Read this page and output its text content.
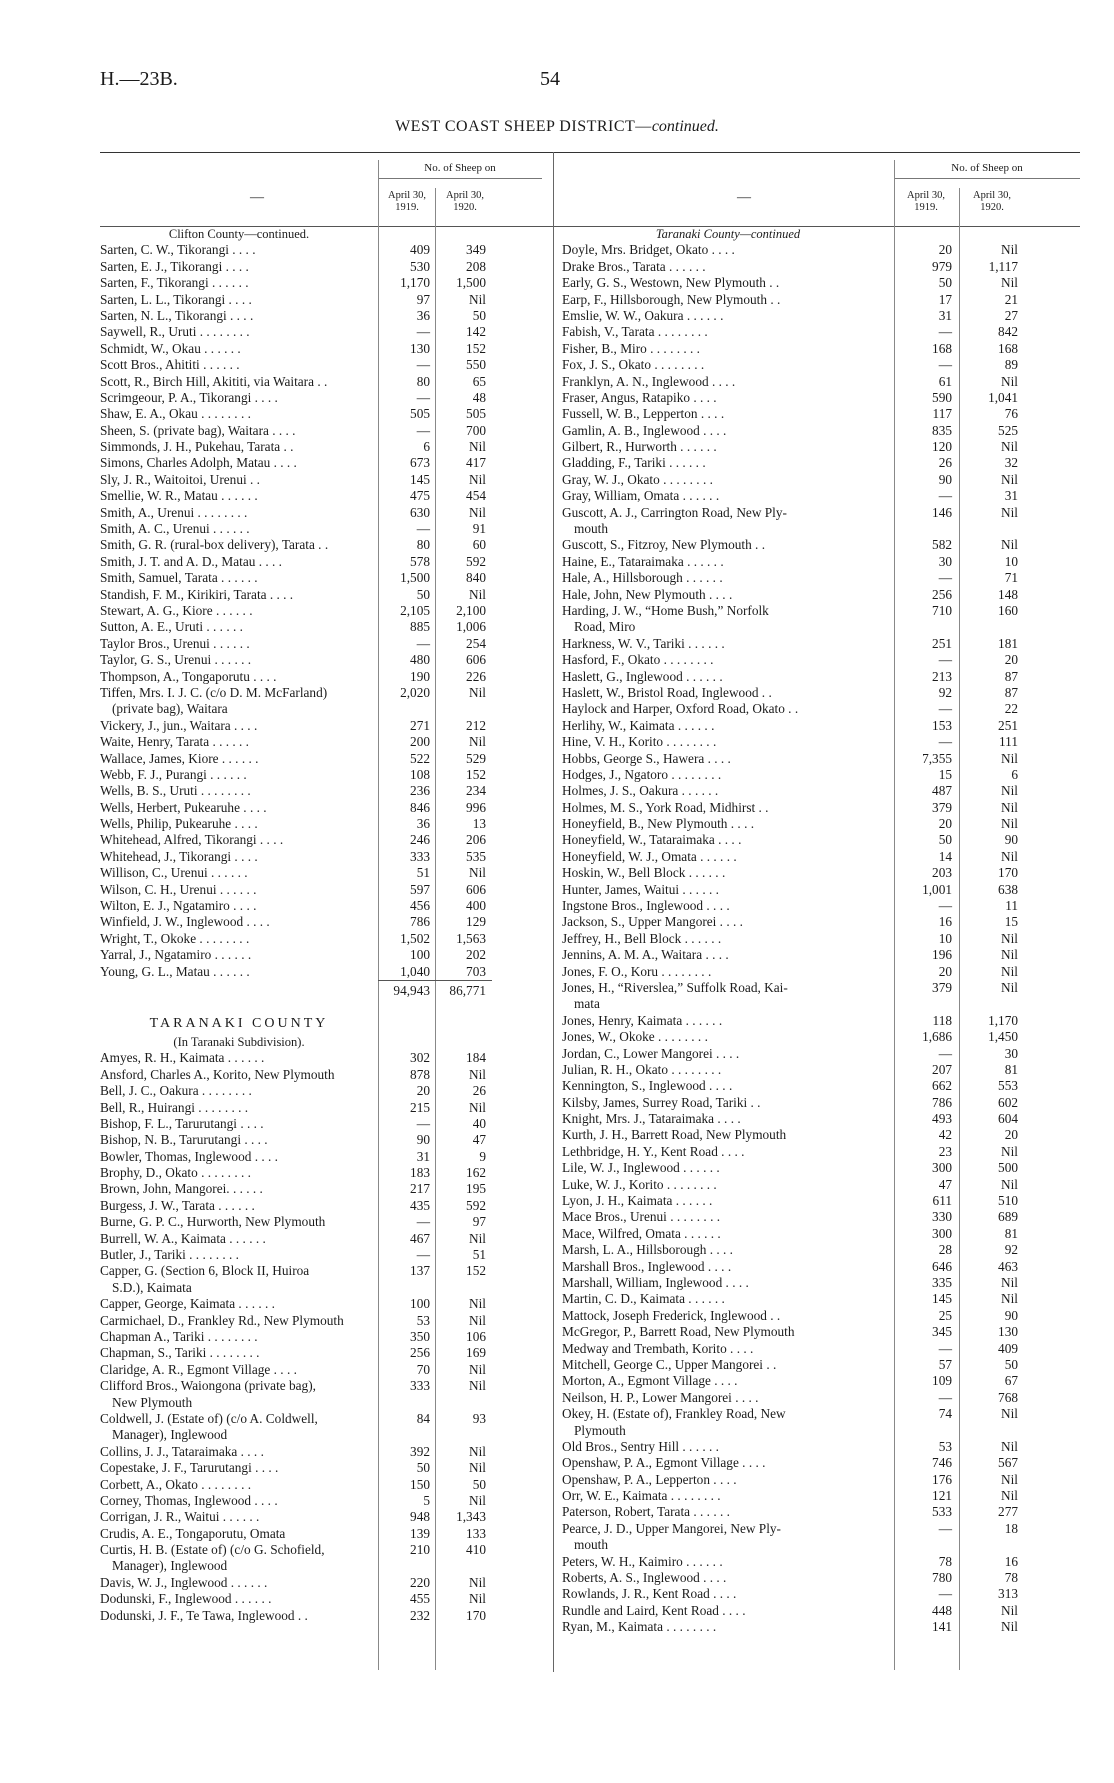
H.—23B.	54
WEST COAST SHEEP DISTRICT—continued.
—
No. of Sheep on
April 30, 1919.
April 30, 1920.
Clifton County—continued.
Sarten, C. W., Tikorangi . . . .	409	349
Sarten, E. J., Tikorangi . . . .	530	208
Sarten, F., Tikorangi . . . . . .	1,170	1,500
Sarten, L. L., Tikorangi . . . .	97	Nil
Sarten, N. L., Tikorangi . . . .	36	50
Saywell, R., Uruti . . . . . . . .	—	142
Schmidt, W., Okau . . . . . .	130	152
Scott Bros., Ahititi . . . . . .	—	550
Scott, R., Birch Hill, Akititi, via Waitara . .	80	65
Scrimgeour, P. A., Tikorangi . . . .	—	48
Shaw, E. A., Okau . . . . . . . .	505	505
Sheen, S. (private bag), Waitara . . . .	—	700
Simmonds, J. H., Pukehau, Tarata . .	6	Nil
Simons, Charles Adolph, Matau . . . .	673	417
Sly, J. R., Waitoitoi, Urenui . .	145	Nil
Smellie, W. R., Matau . . . . . .	475	454
Smith, A., Urenui . . . . . . . .	630	Nil
Smith, A. C., Urenui . . . . . .	—	91
Smith, G. R. (rural-box delivery), Tarata . .	80	60
Smith, J. T. and A. D., Matau . . . .	578	592
Smith, Samuel, Tarata . . . . . .	1,500	840
Standish, F. M., Kirikiri, Tarata . . . .	50	Nil
Stewart, A. G., Kiore . . . . . .	2,105	2,100
Sutton, A. E., Uruti . . . . . .	885	1,006
Taylor Bros., Urenui . . . . . .	—	254
Taylor, G. S., Urenui . . . . . .	480	606
Thompson, A., Tongaporutu . . . .	190	226
Tiffen, Mrs. I. J. C. (c/o D. M. McFarland)	2,020	Nil
(private bag), Waitara
Vickery, J., jun., Waitara . . . .	271	212
Waite, Henry, Tarata . . . . . .	200	Nil
Wallace, James, Kiore . . . . . .	522	529
Webb, F. J., Purangi . . . . . .	108	152
Wells, B. S., Uruti . . . . . . . .	236	234
Wells, Herbert, Pukearuhe . . . .	846	996
Wells, Philip, Pukearuhe . . . .	36	13
Whitehead, Alfred, Tikorangi . . . .	246	206
Whitehead, J., Tikorangi . . . .	333	535
Willison, C., Urenui . . . . . .	51	Nil
Wilson, C. H., Urenui . . . . . .	597	606
Wilton, E. J., Ngatamiro . . . .	456	400
Winfield, J. W., Inglewood . . . .	786	129
Wright, T., Okoke . . . . . . . .	1,502	1,563
Yarral, J., Ngatamiro . . . . . .	100	202
Young, G. L., Matau . . . . . .	1,040	703
94,943	86,771
TARANAKI COUNTY
(In Taranaki Subdivision).
Amyes, R. H., Kaimata . . . . . .	302	184
Ansford, Charles A., Korito, New Plymouth	878	Nil
Bell, J. C., Oakura . . . . . . . .	20	26
Bell, R., Huirangi . . . . . . . .	215	Nil
Bishop, F. L., Tarurutangi . . . .	—	40
Bishop, N. B., Tarurutangi . . . .	90	47
Bowler, Thomas, Inglewood . . . .	31	9
Brophy, D., Okato . . . . . . . .	183	162
Brown, John, Mangorei. . . . . .	217	195
Burgess, J. W., Tarata . . . . . .	435	592
Burne, G. P. C., Hurworth, New Plymouth	—	97
Burrell, W. A., Kaimata . . . . . .	467	Nil
Butler, J., Tariki . . . . . . . .	—	51
Capper, G. (Section 6, Block II, Huiroa	137	152
S.D.), Kaimata
Capper, George, Kaimata . . . . . .	100	Nil
Carmichael, D., Frankley Rd., New Plymouth	53	Nil
Chapman A., Tariki . . . . . . . .	350	106
Chapman, S., Tariki . . . . . . . .	256	169
Claridge, A. R., Egmont Village . . . .	70	Nil
Clifford Bros., Waiongona (private bag),	333	Nil
New Plymouth
Coldwell, J. (Estate of) (c/o A. Coldwell,	84	93
Manager), Inglewood
Collins, J. J., Tataraimaka . . . .	392	Nil
Copestake, J. F., Tarurutangi . . . .	50	Nil
Corbett, A., Okato . . . . . . . .	150	50
Corney, Thomas, Inglewood . . . .	5	Nil
Corrigan, J. R., Waitui . . . . . .	948	1,343
Crudis, A. E., Tongaporutu, Omata	139	133
Curtis, H. B. (Estate of) (c/o G. Schofield,	210	410
Manager), Inglewood
Davis, W. J., Inglewood . . . . . .	220	Nil
Dodunski, F., Inglewood . . . . . .	455	Nil
Dodunski, J. F., Te Tawa, Inglewood . .	232	170
—
No. of Sheep on
April 30, 1919.
April 30, 1920.
Taranaki County—continued
Doyle, Mrs. Bridget, Okato . . . .	20	Nil
Drake Bros., Tarata . . . . . .	979	1,117
Early, G. S., Westown, New Plymouth . .	50	Nil
Earp, F., Hillsborough, New Plymouth . .	17	21
Emslie, W. W., Oakura . . . . . .	31	27
Fabish, V., Tarata . . . . . . . .	—	842
Fisher, B., Miro . . . . . . . .	168	168
Fox, J. S., Okato . . . . . . . .	—	89
Franklyn, A. N., Inglewood . . . .	61	Nil
Fraser, Angus, Ratapiko . . . .	590	1,041
Fussell, W. B., Lepperton . . . .	117	76
Gamlin, A. B., Inglewood . . . .	835	525
Gilbert, R., Hurworth . . . . . .	120	Nil
Gladding, F., Tariki . . . . . .	26	32
Gray, W. J., Okato . . . . . . . .	90	Nil
Gray, William, Omata . . . . . .	—	31
Guscott, A. J., Carrington Road, New Ply-	146	Nil
mouth
Guscott, S., Fitzroy, New Plymouth . .	582	Nil
Haine, E., Tataraimaka . . . . . .	30	10
Hale, A., Hillsborough . . . . . .	—	71
Hale, John, New Plymouth . . . .	256	148
Harding, J. W., “Home Bush,” Norfolk	710	160
Road, Miro
Harkness, W. V., Tariki . . . . . .	251	181
Hasford, F., Okato . . . . . . . .	—	20
Haslett, G., Inglewood . . . . . .	213	87
Haslett, W., Bristol Road, Inglewood . .	92	87
Haylock and Harper, Oxford Road, Okato . .	—	22
Herlihy, W., Kaimata . . . . . .	153	251
Hine, V. H., Korito . . . . . . . .	—	111
Hobbs, George S., Hawera . . . .	7,355	Nil
Hodges, J., Ngatoro . . . . . . . .	15	6
Holmes, J. S., Oakura . . . . . .	487	Nil
Holmes, M. S., York Road, Midhirst . .	379	Nil
Honeyfield, B., New Plymouth . . . .	20	Nil
Honeyfield, W., Tataraimaka . . . .	50	90
Honeyfield, W. J., Omata . . . . . .	14	Nil
Hoskin, W., Bell Block . . . . . .	203	170
Hunter, James, Waitui . . . . . .	1,001	638
Ingstone Bros., Inglewood . . . .	—	11
Jackson, S., Upper Mangorei . . . .	16	15
Jeffrey, H., Bell Block . . . . . .	10	Nil
Jennins, A. M. A., Waitara . . . .	196	Nil
Jones, F. O., Koru . . . . . . . .	20	Nil
Jones, H., “Riverslea,” Suffolk Road, Kai-	379	Nil
mata
Jones, Henry, Kaimata . . . . . .	118	1,170
Jones, W., Okoke . . . . . . . .	1,686	1,450
Jordan, C., Lower Mangorei . . . .	—	30
Julian, R. H., Okato . . . . . . . .	207	81
Kennington, S., Inglewood . . . .	662	553
Kilsby, James, Surrey Road, Tariki . .	786	602
Knight, Mrs. J., Tataraimaka . . . .	493	604
Kurth, J. H., Barrett Road, New Plymouth	42	20
Lethbridge, H. Y., Kent Road . . . .	23	Nil
Lile, W. J., Inglewood . . . . . .	300	500
Luke, W. J., Korito . . . . . . . .	47	Nil
Lyon, J. H., Kaimata . . . . . .	611	510
Mace Bros., Urenui . . . . . . . .	330	689
Mace, Wilfred, Omata . . . . . .	300	81
Marsh, L. A., Hillsborough . . . .	28	92
Marshall Bros., Inglewood . . . .	646	463
Marshall, William, Inglewood . . . .	335	Nil
Martin, C. D., Kaimata . . . . . .	145	Nil
Mattock, Joseph Frederick, Inglewood . .	25	90
McGregor, P., Barrett Road, New Plymouth	345	130
Medway and Trembath, Korito . . . .	—	409
Mitchell, George C., Upper Mangorei . .	57	50
Morton, A., Egmont Village . . . .	109	67
Neilson, H. P., Lower Mangorei . . . .	—	768
Okey, H. (Estate of), Frankley Road, New	74	Nil
Plymouth
Old Bros., Sentry Hill . . . . . .	53	Nil
Openshaw, P. A., Egmont Village . . . .	746	567
Openshaw, P. A., Lepperton . . . .	176	Nil
Orr, W. E., Kaimata . . . . . . . .	121	Nil
Paterson, Robert, Tarata . . . . . .	533	277
Pearce, J. D., Upper Mangorei, New Ply-	—	18
mouth
Peters, W. H., Kaimiro . . . . . .	78	16
Roberts, A. S., Inglewood . . . .	780	78
Rowlands, J. R., Kent Road . . . .	—	313
Rundle and Laird, Kent Road . . . .	448	Nil
Ryan, M., Kaimata . . . . . . . .	141	Nil
